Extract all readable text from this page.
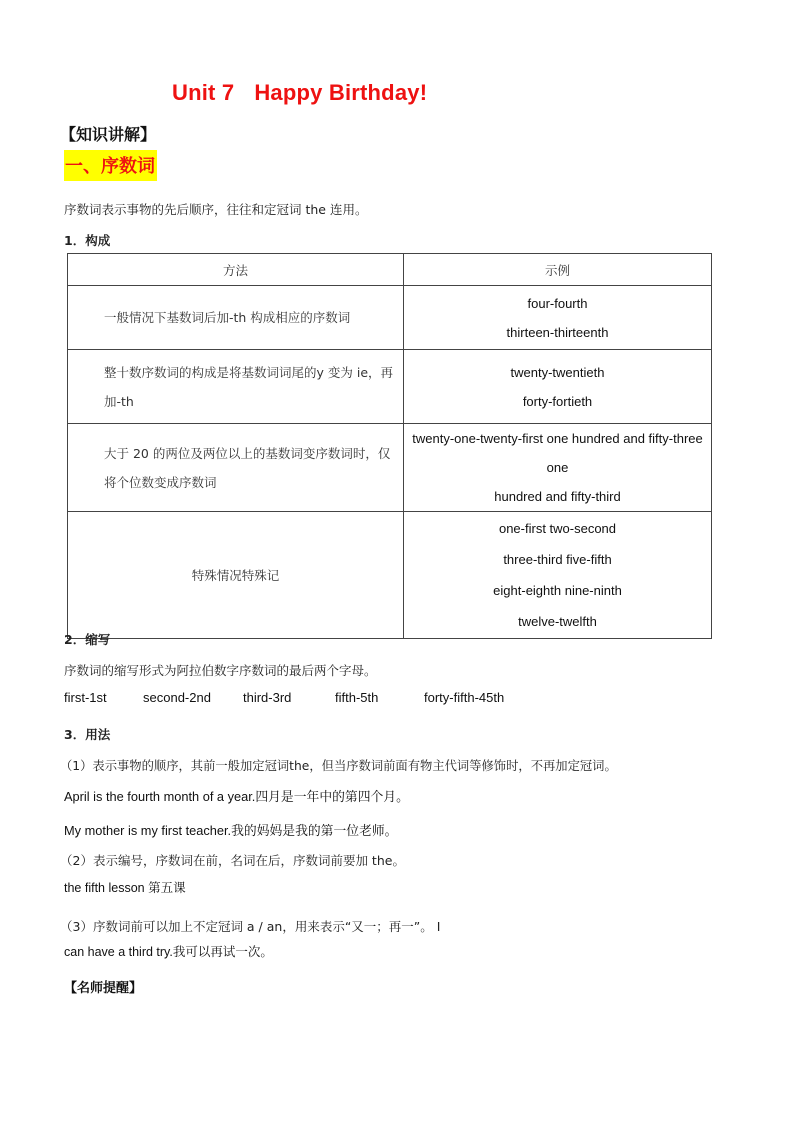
Unit 7 Happy Birthday!
【知识讲解】
一、序数词
序数词表示事物的先后顺序，往往和定冠词 the 连用。
1．构成
方法	示例
一般情况下基数词后加-th 构成相应的序数词	four-fourth
thirteen-thirteenth

整十数序数词的构成是将基数词词尾的y 变为 ie，再加-th	twenty-twentieth
forty-fortieth

大于 20 的两位及两位以上的基数词变序数词时，仅将个位数变成序数词	twenty-one-twenty-first one hundred and fifty-three one
hundred and fifty-third

特殊情况特殊记	one-first two-second
three-third five-fifth
eight-eighth nine-ninth
twelve-twelfth
2．缩写
序数词的缩写形式为阿拉伯数字序数词的最后两个字母。
first-1st	second-2nd third-3rd	fifth-5th	forty-fifth-45th
3．用法
（1）表示事物的顺序，其前一般加定冠词the，但当序数词前面有物主代词等修饰时，不再加定冠词。
April is the fourth month of a year.四月是一年中的第四个月。
My mother is my first teacher.我的妈妈是我的第一位老师。
（2）表示编号，序数词在前，名词在后，序数词前要加 the。
the fifth lesson 第五课
（3）序数词前可以加上不定冠词 a / an，用来表示“又一；再一”。 I
can have a third try.我可以再试一次。
【名师提醒】
